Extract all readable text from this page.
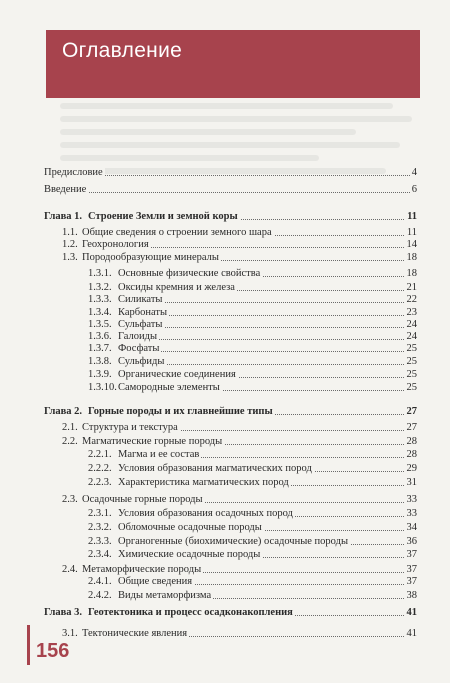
Оглавление
Предисловие	4
Введение	6
Глава 1. Строение Земли и земной коры	11
1.1. Общие сведения о строении земного шара	11
1.2. Геохронология	14
1.3. Породообразующие минералы	18
1.3.1. Основные физические свойства	18
1.3.2. Оксиды кремния и железа	21
1.3.3. Силикаты	22
1.3.4. Карбонаты	23
1.3.5. Сульфаты	24
1.3.6. Галоиды	24
1.3.7. Фосфаты	25
1.3.8. Сульфиды	25
1.3.9. Органические соединения	25
1.3.10. Самородные элементы	25
Глава 2. Горные породы и их главнейшие типы	27
2.1. Структура и текстура	27
2.2. Магматические горные породы	28
2.2.1. Магма и ее состав	28
2.2.2. Условия образования магматических пород	29
2.2.3. Характеристика магматических пород	31
2.3. Осадочные горные породы	33
2.3.1. Условия образования осадочных пород	33
2.3.2. Обломочные осадочные породы	34
2.3.3. Органогенные (биохимические) осадочные породы	36
2.3.4. Химические осадочные породы	37
2.4. Метаморфические породы	37
2.4.1. Общие сведения	37
2.4.2. Виды метаморфизма	38
Глава 3. Геотектоника и процесс осадконакопления	41
3.1. Тектонические явления	41
156
